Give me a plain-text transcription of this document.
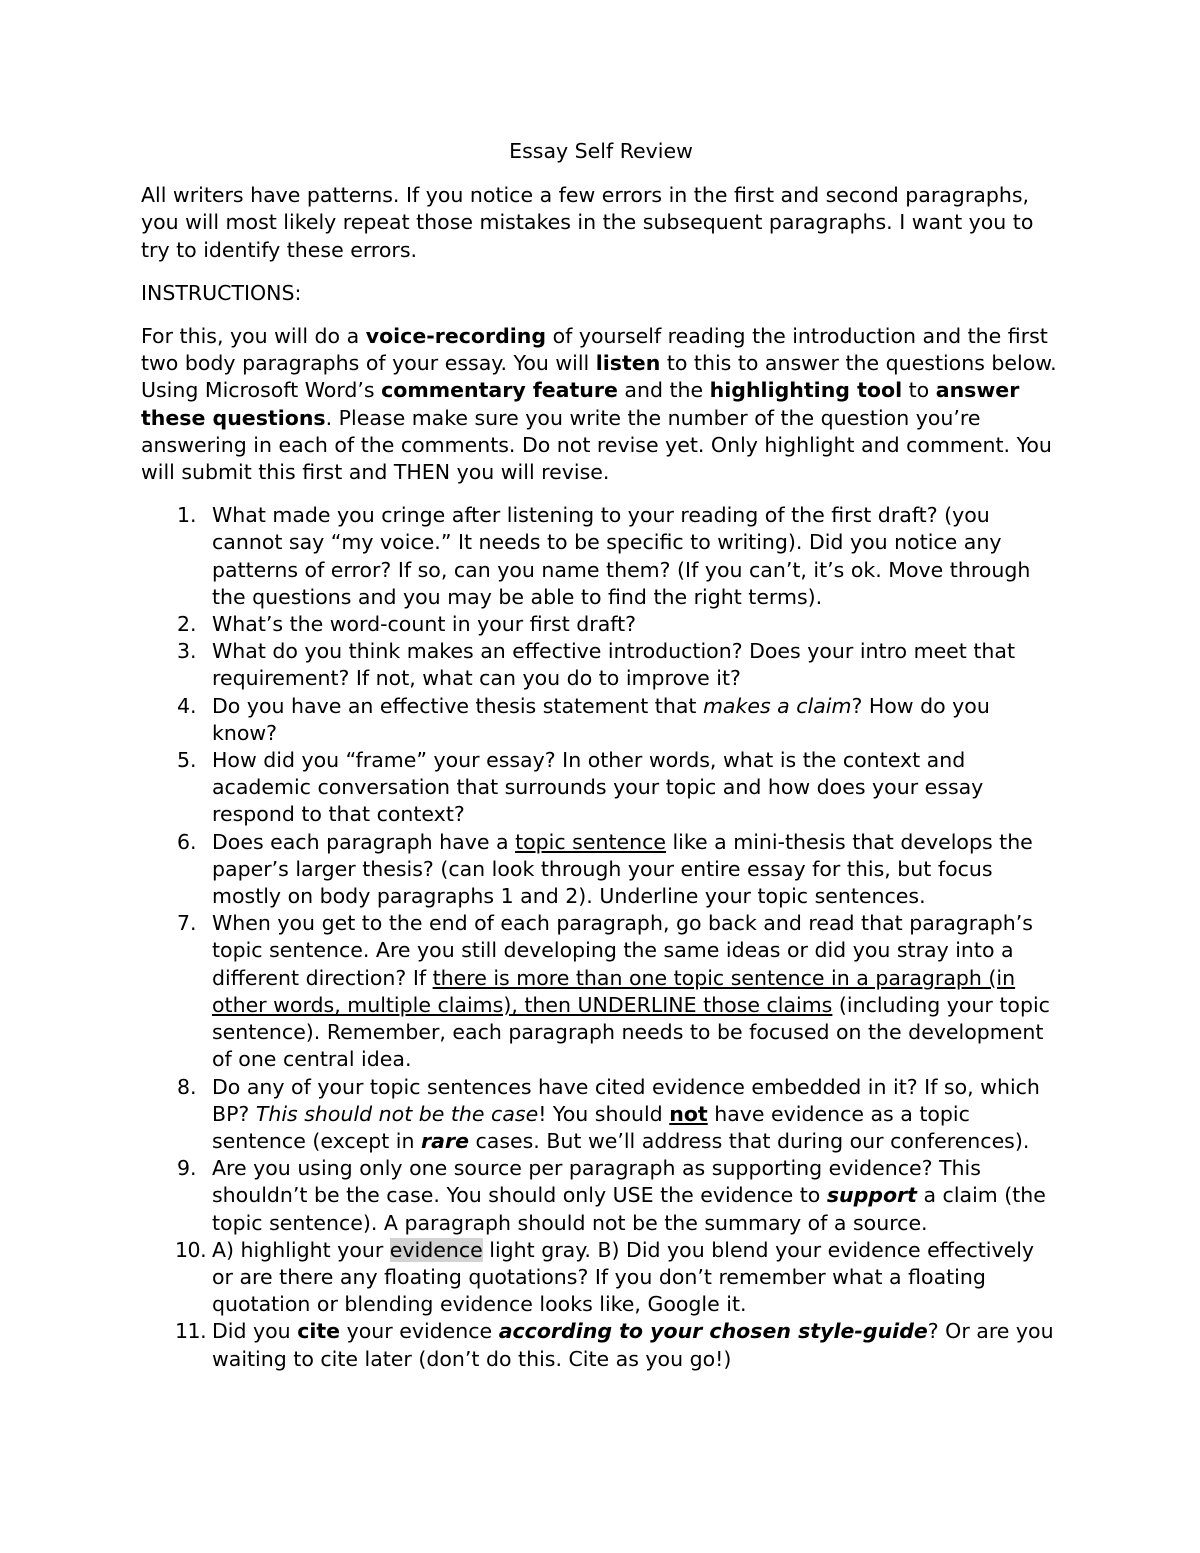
Essay Self Review

All writers have patterns. If you notice a few errors in the first and second paragraphs, you will most likely repeat those mistakes in the subsequent paragraphs. I want you to try to identify these errors.

INSTRUCTIONS:

For this, you will do a voice-recording of yourself reading the introduction and the first two body paragraphs of your essay. You will listen to this to answer the questions below. Using Microsoft Word’s commentary feature and the highlighting tool to answer these questions. Please make sure you write the number of the question you’re answering in each of the comments. Do not revise yet. Only highlight and comment. You will submit this first and THEN you will revise.

1. What made you cringe after listening to your reading of the first draft? (you cannot say “my voice.” It needs to be specific to writing). Did you notice any patterns of error? If so, can you name them? (If you can’t, it’s ok. Move through the questions and you may be able to find the right terms).
2. What’s the word-count in your first draft?
3. What do you think makes an effective introduction? Does your intro meet that requirement? If not, what can you do to improve it?
4. Do you have an effective thesis statement that makes a claim? How do you know?
5. How did you “frame” your essay? In other words, what is the context and academic conversation that surrounds your topic and how does your essay respond to that context?
6. Does each paragraph have a topic sentence like a mini-thesis that develops the paper’s larger thesis? (can look through your entire essay for this, but focus mostly on body paragraphs 1 and 2). Underline your topic sentences.
7. When you get to the end of each paragraph, go back and read that paragraph’s topic sentence. Are you still developing the same ideas or did you stray into a different direction? If there is more than one topic sentence in a paragraph (in other words, multiple claims), then UNDERLINE those claims (including your topic sentence). Remember, each paragraph needs to be focused on the development of one central idea.
8. Do any of your topic sentences have cited evidence embedded in it? If so, which BP? This should not be the case! You should not have evidence as a topic sentence (except in rare cases. But we’ll address that during our conferences).
9. Are you using only one source per paragraph as supporting evidence? This shouldn’t be the case. You should only USE the evidence to support a claim (the topic sentence). A paragraph should not be the summary of a source.
10. A) highlight your evidence light gray. B) Did you blend your evidence effectively or are there any floating quotations? If you don’t remember what a floating quotation or blending evidence looks like, Google it.
11. Did you cite your evidence according to your chosen style-guide? Or are you waiting to cite later (don’t do this. Cite as you go!)
